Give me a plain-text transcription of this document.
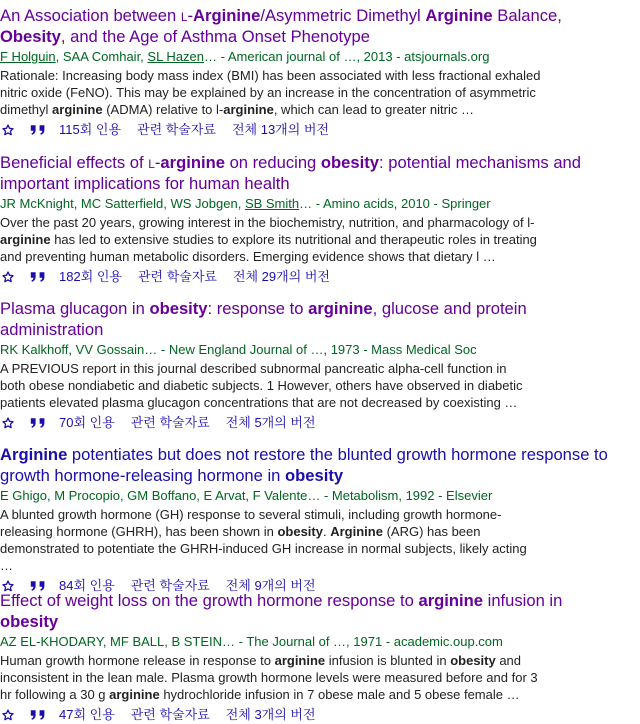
An Association between l-Arginine/Asymmetric Dimethyl Arginine Balance, Obesity, and the Age of Asthma Onset Phenotype
F Holguin, SAA Comhair, SL Hazen… - American journal of …, 2013 - atsjournals.org
Rationale: Increasing body mass index (BMI) has been associated with less fractional exhaled nitric oxide (FeNO). This may be explained by an increase in the concentration of asymmetric dimethyl arginine (ADMA) relative to l-arginine, which can lead to greater nitric …
115회 인용 관련 학술자료 전체 13개의 버전
Beneficial effects of l-arginine on reducing obesity: potential mechanisms and important implications for human health
JR McKnight, MC Satterfield, WS Jobgen, SB Smith… - Amino acids, 2010 - Springer
Over the past 20 years, growing interest in the biochemistry, nutrition, and pharmacology of l-arginine has led to extensive studies to explore its nutritional and therapeutic roles in treating and preventing human metabolic disorders. Emerging evidence shows that dietary l …
182회 인용 관련 학술자료 전체 29개의 버전
Plasma glucagon in obesity: response to arginine, glucose and protein administration
RK Kalkhoff, VV Gossain… - New England Journal of …, 1973 - Mass Medical Soc
A PREVIOUS report in this journal described subnormal pancreatic alpha-cell function in both obese nondiabetic and diabetic subjects. 1 However, others have observed in diabetic patients elevated plasma glucagon concentrations that are not decreased by coexisting …
70회 인용 관련 학술자료 전체 5개의 버전
Arginine potentiates but does not restore the blunted growth hormone response to growth hormone-releasing hormone in obesity
E Ghigo, M Procopio, GM Boffano, E Arvat, F Valente… - Metabolism, 1992 - Elsevier
A blunted growth hormone (GH) response to several stimuli, including growth hormone-releasing hormone (GHRH), has been shown in obesity. Arginine (ARG) has been demonstrated to potentiate the GHRH-induced GH increase in normal subjects, likely acting …
84회 인용 관련 학술자료 전체 9개의 버전
Effect of weight loss on the growth hormone response to arginine infusion in obesity
AZ EL-KHODARY, MF BALL, B STEIN… - The Journal of …, 1971 - academic.oup.com
Human growth hormone release in response to arginine infusion is blunted in obesity and inconsistent in the lean male. Plasma growth hormone levels were measured before and for 3 hr following a 30 g arginine hydrochloride infusion in 7 obese male and 5 obese female …
47회 인용 관련 학술자료 전체 3개의 버전
